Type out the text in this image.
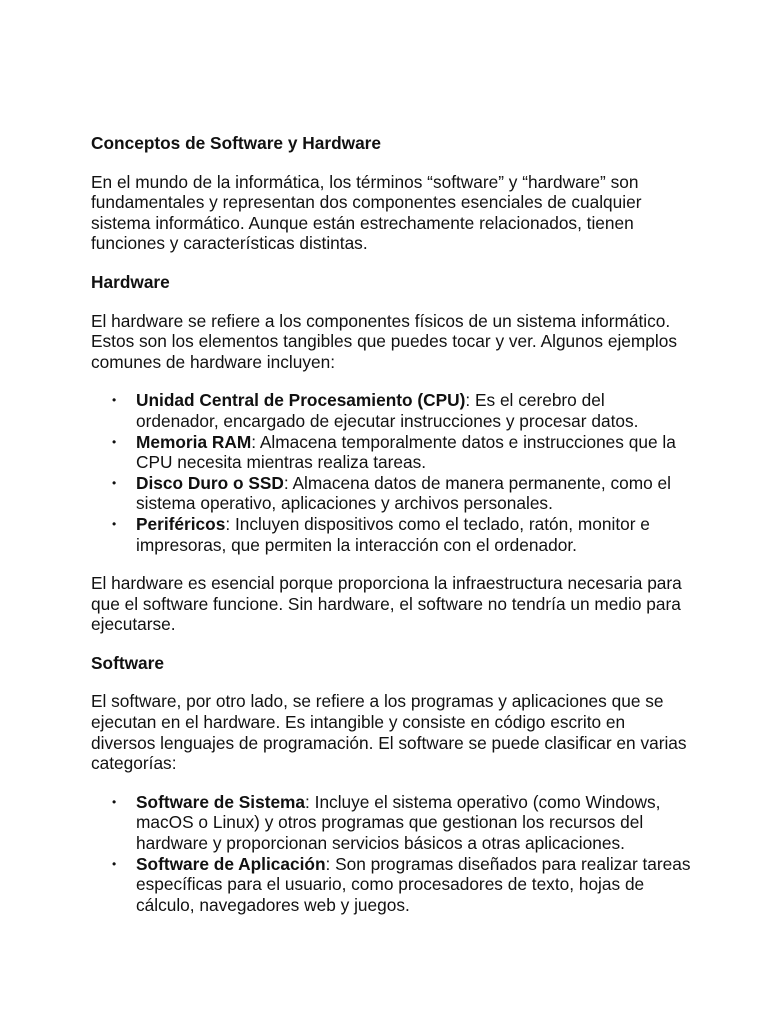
Conceptos de Software y Hardware

En el mundo de la informática, los términos “software” y “hardware” son fundamentales y representan dos componentes esenciales de cualquier sistema informático. Aunque están estrechamente relacionados, tienen funciones y características distintas.

Hardware

El hardware se refiere a los componentes físicos de un sistema informático. Estos son los elementos tangibles que puedes tocar y ver. Algunos ejemplos comunes de hardware incluyen:

• Unidad Central de Procesamiento (CPU): Es el cerebro del ordenador, encargado de ejecutar instrucciones y procesar datos.
• Memoria RAM: Almacena temporalmente datos e instrucciones que la CPU necesita mientras realiza tareas.
• Disco Duro o SSD: Almacena datos de manera permanente, como el sistema operativo, aplicaciones y archivos personales.
• Periféricos: Incluyen dispositivos como el teclado, ratón, monitor e impresoras, que permiten la interacción con el ordenador.

El hardware es esencial porque proporciona la infraestructura necesaria para que el software funcione. Sin hardware, el software no tendría un medio para ejecutarse.

Software

El software, por otro lado, se refiere a los programas y aplicaciones que se ejecutan en el hardware. Es intangible y consiste en código escrito en diversos lenguajes de programación. El software se puede clasificar en varias categorías:

• Software de Sistema: Incluye el sistema operativo (como Windows, macOS o Linux) y otros programas que gestionan los recursos del hardware y proporcionan servicios básicos a otras aplicaciones.
• Software de Aplicación: Son programas diseñados para realizar tareas específicas para el usuario, como procesadores de texto, hojas de cálculo, navegadores web y juegos.
